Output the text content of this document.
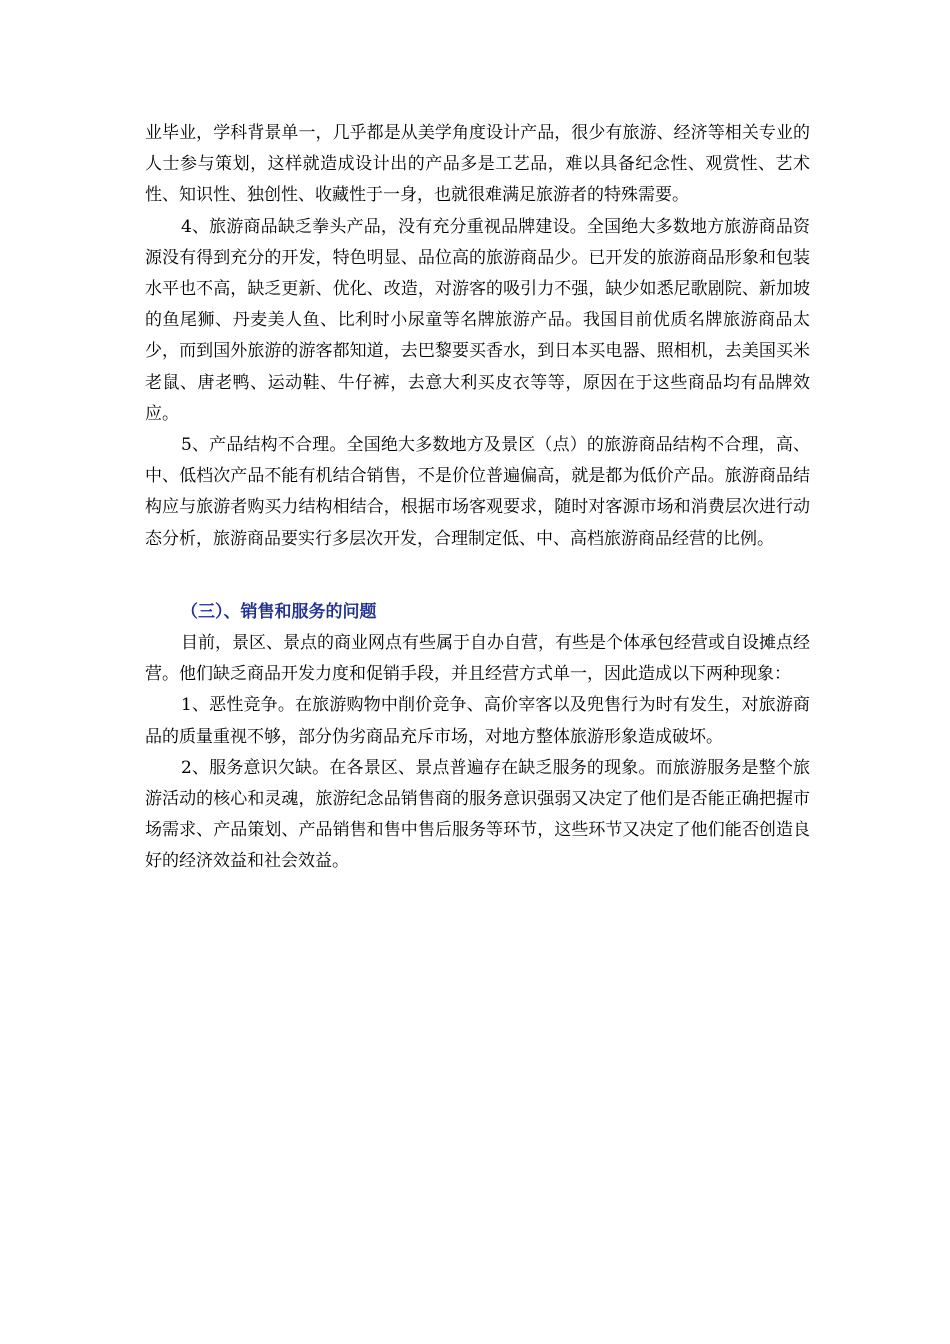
业毕业，学科背景单一，几乎都是从美学角度设计产品，很少有旅游、经济等相关专业的人士参与策划，这样就造成设计出的产品多是工艺品，难以具备纪念性、观赏性、艺术性、知识性、独创性、收藏性于一身，也就很难满足旅游者的特殊需要。

4、旅游商品缺乏拳头产品，没有充分重视品牌建设。全国绝大多数地方旅游商品资源没有得到充分的开发，特色明显、品位高的旅游商品少。已开发的旅游商品形象和包装水平也不高，缺乏更新、优化、改造，对游客的吸引力不强，缺少如悉尼歌剧院、新加坡的鱼尾狮、丹麦美人鱼、比利时小尿童等名牌旅游产品。我国目前优质名牌旅游商品太少，而到国外旅游的游客都知道，去巴黎要买香水，到日本买电器、照相机，去美国买米老鼠、唐老鸭、运动鞋、牛仔裤，去意大利买皮衣等等，原因在于这些商品均有品牌效应。

5、产品结构不合理。全国绝大多数地方及景区（点）的旅游商品结构不合理，高、中、低档次产品不能有机结合销售，不是价位普遍偏高，就是都为低价产品。旅游商品结构应与旅游者购买力结构相结合，根据市场客观要求，随时对客源市场和消费层次进行动态分析，旅游商品要实行多层次开发，合理制定低、中、高档旅游商品经营的比例。

（三）、销售和服务的问题

目前，景区、景点的商业网点有些属于自办自营，有些是个体承包经营或自设摊点经营。他们缺乏商品开发力度和促销手段，并且经营方式单一，因此造成以下两种现象：

1、恶性竞争。在旅游购物中削价竞争、高价宰客以及兜售行为时有发生，对旅游商品的质量重视不够，部分伪劣商品充斥市场，对地方整体旅游形象造成破坏。

2、服务意识欠缺。在各景区、景点普遍存在缺乏服务的现象。而旅游服务是整个旅游活动的核心和灵魂，旅游纪念品销售商的服务意识强弱又决定了他们是否能正确把握市场需求、产品策划、产品销售和售中售后服务等环节，这些环节又决定了他们能否创造良好的经济效益和社会效益。
